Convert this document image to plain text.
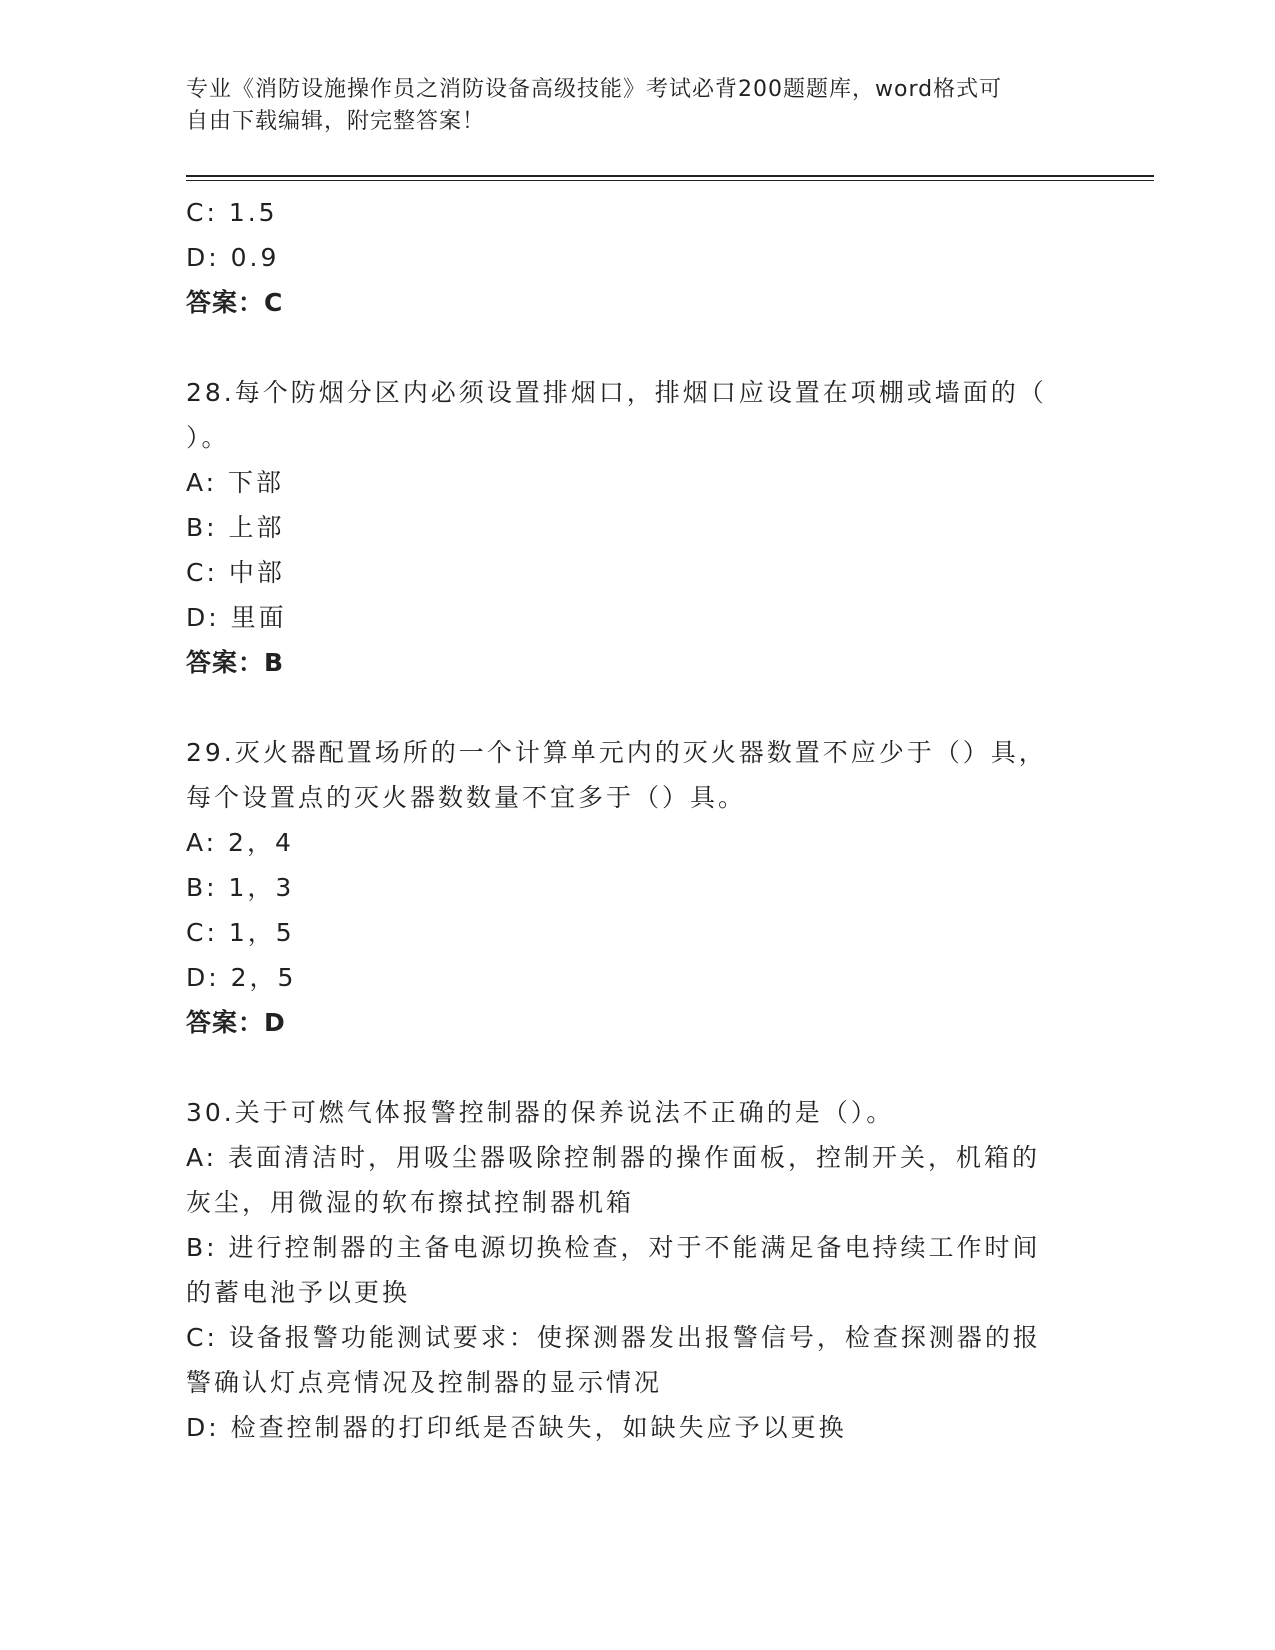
专业《消防设施操作员之消防设备高级技能》考试必背200题题库，word格式可
自由下载编辑，附完整答案！
C: 1.5
D: 0.9
答案：C
28.每个防烟分区内必须设置排烟口，排烟口应设置在项棚或墙面的（
）。
A: 下部
B: 上部
C: 中部
D: 里面
答案：B
29.灭火器配置场所的一个计算单元内的灭火器数置不应少于（）具，
每个设置点的灭火器数数量不宜多于（）具。
A: 2，4
B: 1，3
C: 1，5
D: 2，5
答案：D
30.关于可燃气体报警控制器的保养说法不正确的是（）。
A: 表面清洁时，用吸尘器吸除控制器的操作面板，控制开关，机箱的
灰尘，用微湿的软布擦拭控制器机箱
B: 进行控制器的主备电源切换检查，对于不能满足备电持续工作时间
的蓄电池予以更换
C: 设备报警功能测试要求：使探测器发出报警信号，检查探测器的报
警确认灯点亮情况及控制器的显示情况
D: 检查控制器的打印纸是否缺失，如缺失应予以更换
